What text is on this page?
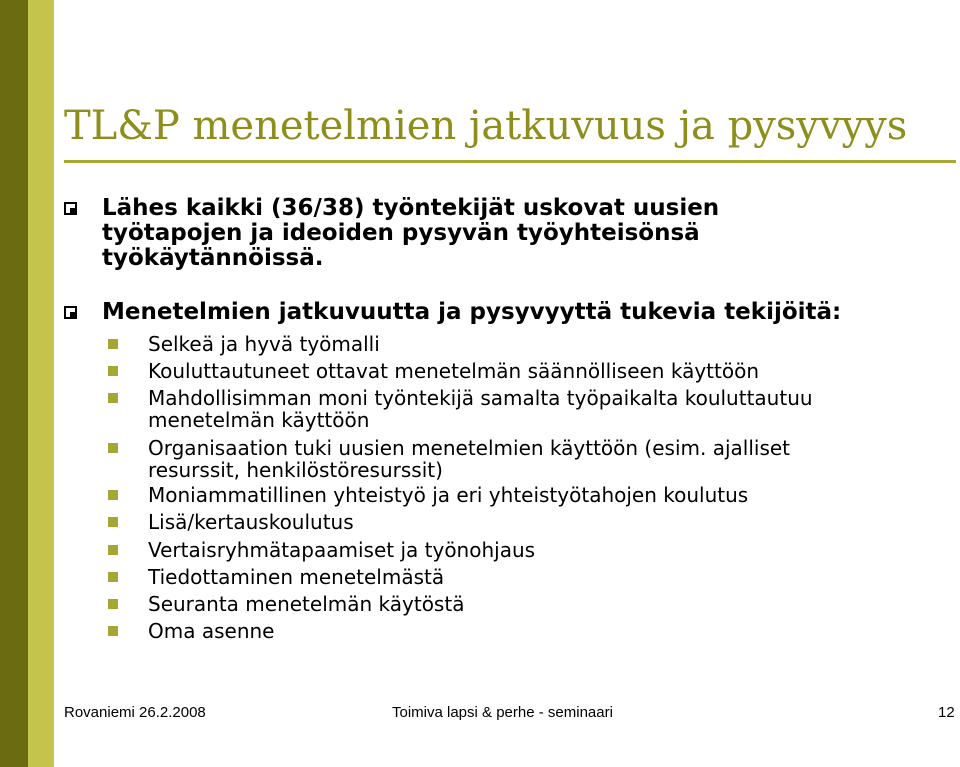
TL&P menetelmien jatkuvuus ja pysyvyys
Lähes kaikki (36/38) työntekijät uskovat uusien
työtapojen ja ideoiden pysyvän työyhteisönsä
työkäytännöissä.
Menetelmien jatkuvuutta ja pysyvyyttä tukevia tekijöitä:
Selkeä ja hyvä työmalli
Kouluttautuneet ottavat menetelmän säännölliseen käyttöön
Mahdollisimman moni työntekijä samalta työpaikalta kouluttautuu
menetelmän käyttöön
Organisaation tuki uusien menetelmien käyttöön (esim. ajalliset
resurssit, henkilöstöresurssit)
Moniammatillinen yhteistyö ja eri yhteistyötahojen koulutus
Lisä/kertauskoulutus
Vertaisryhmätapaamiset ja työnohjaus
Tiedottaminen menetelmästä
Seuranta menetelmän käytöstä
Oma asenne
Rovaniemi 26.2.2008	Toimiva lapsi & perhe - seminaari	12
